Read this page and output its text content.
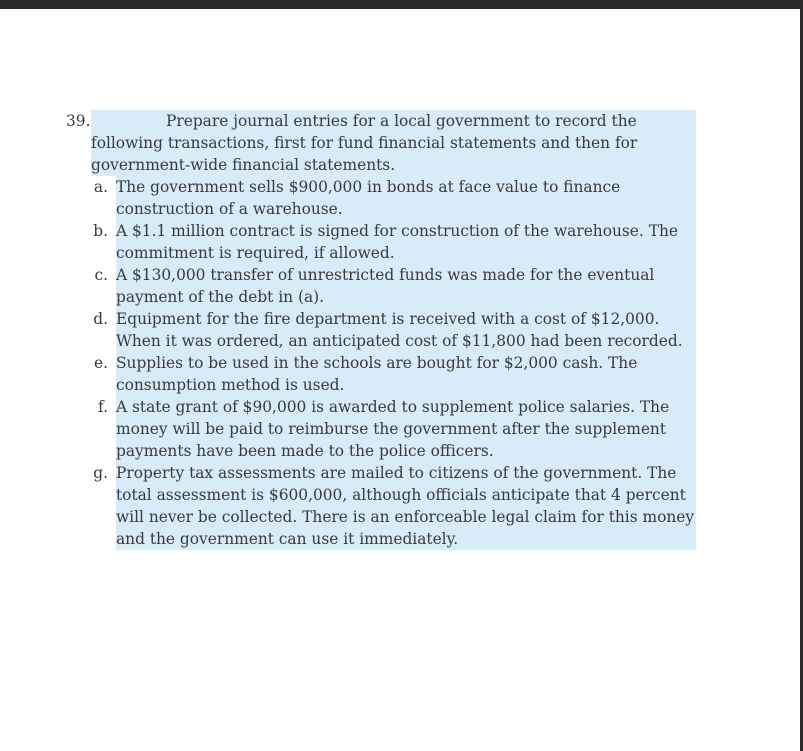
39.	Prepare journal entries for a local government to record the
following transactions, first for fund financial statements and then for government-wide financial statements.

a. The government sells $900,000 in bonds at face value to finance construction of a warehouse.
b. A $1.1 million contract is signed for construction of the warehouse. The commitment is required, if allowed.
c. A $130,000 transfer of unrestricted funds was made for the eventual payment of the debt in (a).
d. Equipment for the fire department is received with a cost of $12,000. When it was ordered, an anticipated cost of $11,800 had been recorded.
e. Supplies to be used in the schools are bought for $2,000 cash. The consumption method is used.
f. A state grant of $90,000 is awarded to supplement police salaries. The money will be paid to reimburse the government after the supplement payments have been made to the police officers.
g. Property tax assessments are mailed to citizens of the government. The total assessment is $600,000, although officials anticipate that 4 percent will never be collected. There is an enforceable legal claim for this money and the government can use it immediately.
